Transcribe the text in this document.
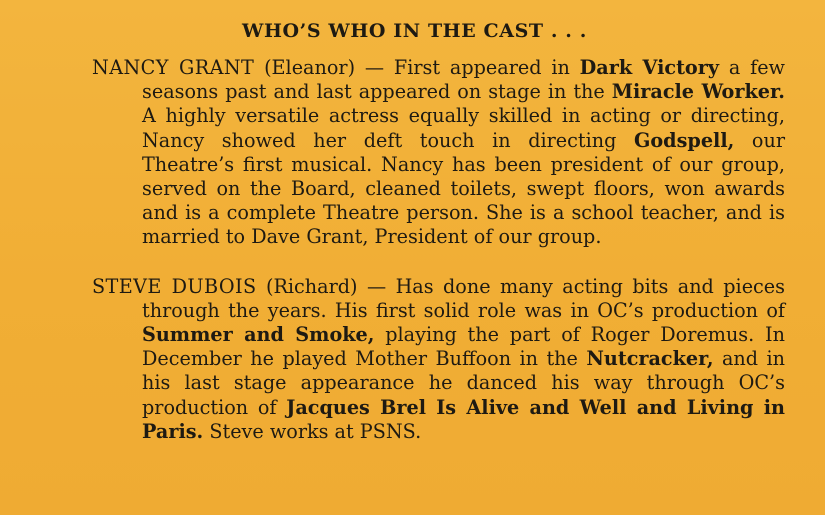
WHO’S WHO IN THE CAST . . .

NANCY GRANT (Eleanor) — First appeared in Dark Victory a few seasons past and last appeared on stage in the Miracle Worker. A highly versatile actress equally skilled in acting or directing, Nancy showed her deft touch in directing Godspell, our Theatre’s first musical. Nancy has been president of our group, served on the Board, cleaned toilets, swept floors, won awards and is a complete Theatre person. She is a school teacher, and is married to Dave Grant, President of our group.

STEVE DUBOIS (Richard) — Has done many acting bits and pieces through the years. His first solid role was in OC’s production of Summer and Smoke, playing the part of Roger Doremus. In December he played Mother Buffoon in the Nutcracker, and in his last stage appearance he danced his way through OC’s production of Jacques Brel Is Alive and Well and Living in Paris. Steve works at PSNS.
